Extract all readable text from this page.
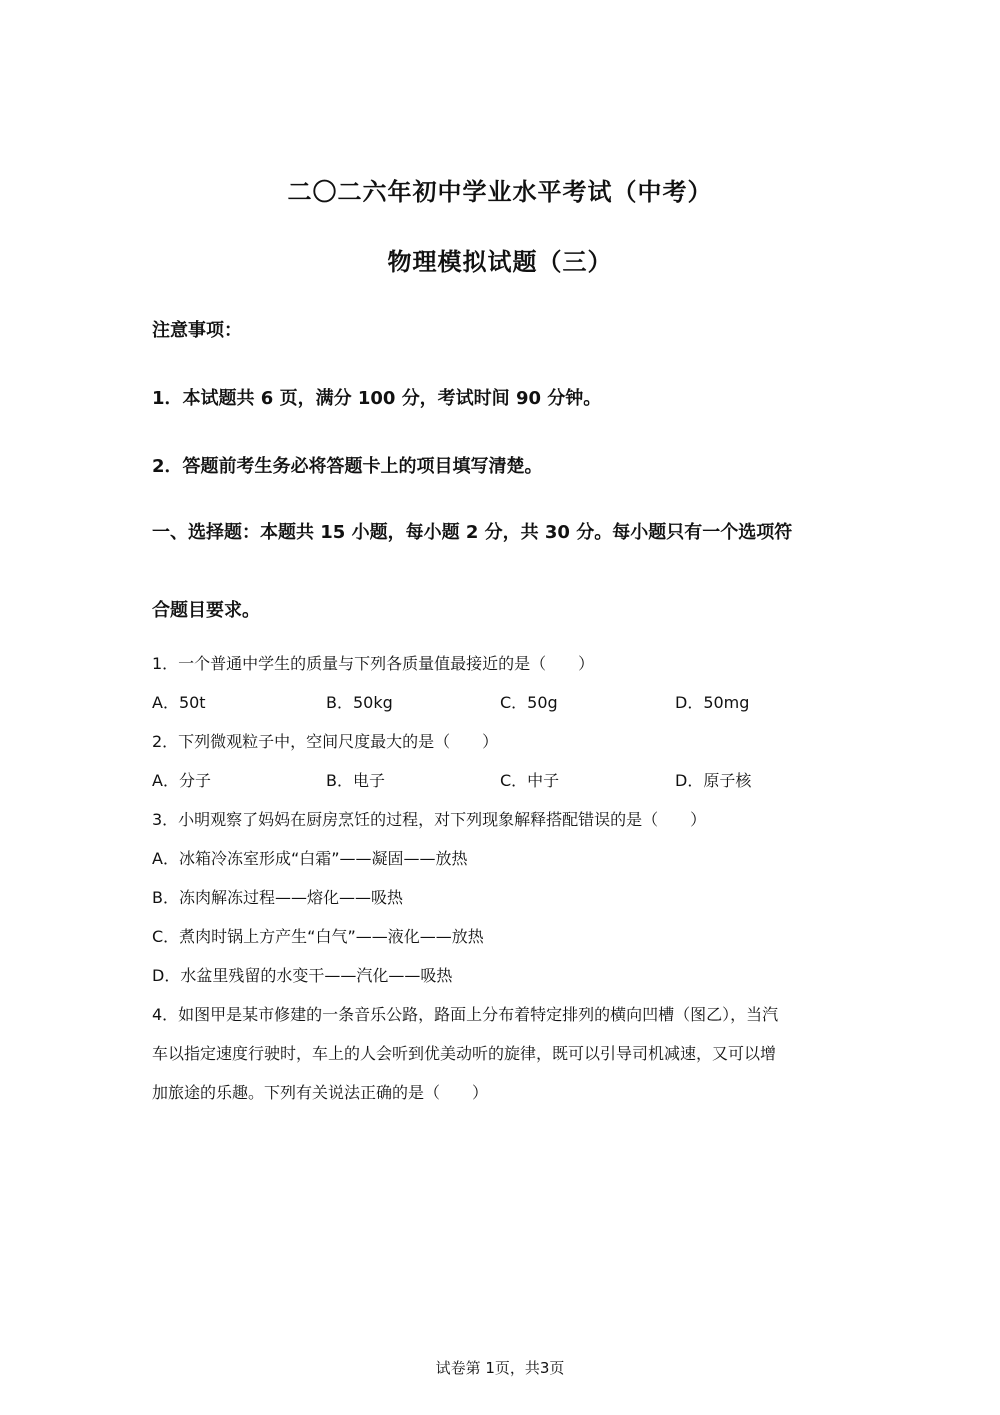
二〇二六年初中学业水平考试（中考）
物理模拟试题（三）
注意事项：
1．本试题共 6 页，满分 100 分，考试时间 90 分钟。
2．答题前考生务必将答题卡上的项目填写清楚。
一、选择题：本题共 15 小题，每小题 2 分，共 30 分。每小题只有一个选项符
合题目要求。
1．一个普通中学生的质量与下列各质量值最接近的是（　　）
A．50t	B．50kg	C．50g	D．50mg
2．下列微观粒子中，空间尺度最大的是（　　）
A．分子	B．电子	C．中子	D．原子核
3．小明观察了妈妈在厨房烹饪的过程，对下列现象解释搭配错误的是（　　）
A．冰箱冷冻室形成“白霜”——凝固——放热
B．冻肉解冻过程——熔化——吸热
C．煮肉时锅上方产生“白气”——液化——放热
D．水盆里残留的水变干——汽化——吸热
4．如图甲是某市修建的一条音乐公路，路面上分布着特定排列的横向凹槽（图乙），当汽
车以指定速度行驶时，车上的人会听到优美动听的旋律，既可以引导司机减速，又可以增
加旅途的乐趣。下列有关说法正确的是（　　）
试卷第 1页，共3页
